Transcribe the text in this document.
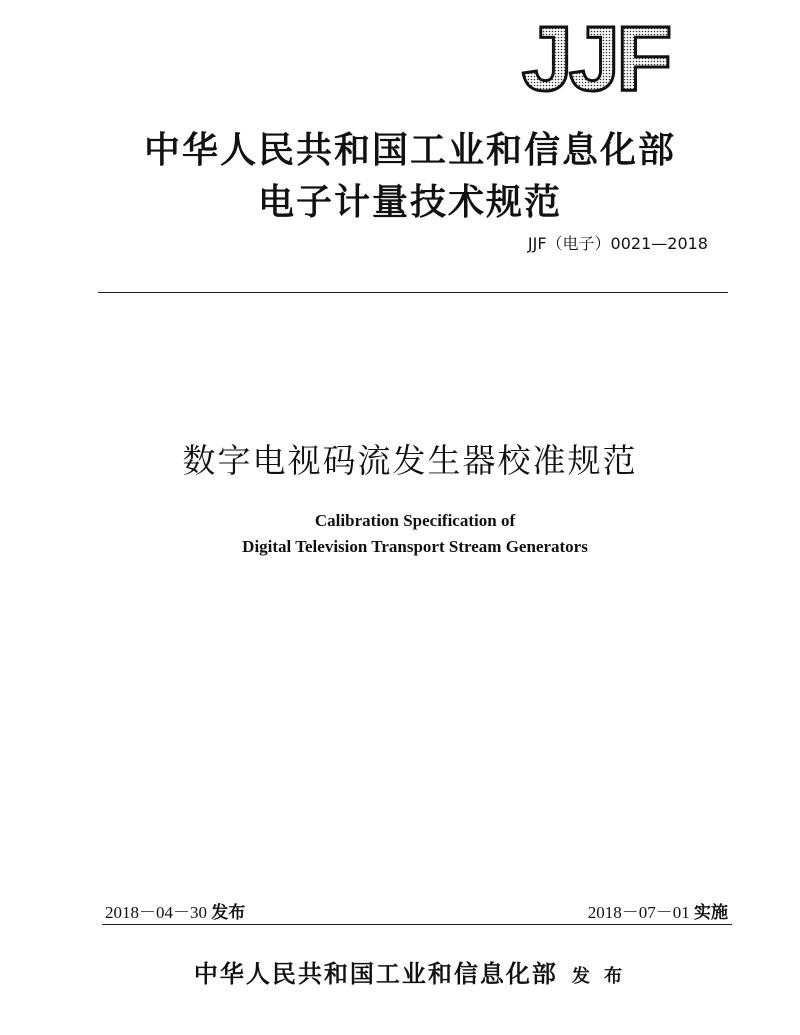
JJF
中华人民共和国工业和信息化部
电子计量技术规范
JJF（电子）0021—2018
数字电视码流发生器校准规范
Calibration Specification of
Digital Television Transport Stream Generators
2018－04－30 发布	2018－07－01 实施
中华人民共和国工业和信息化部 发 布
